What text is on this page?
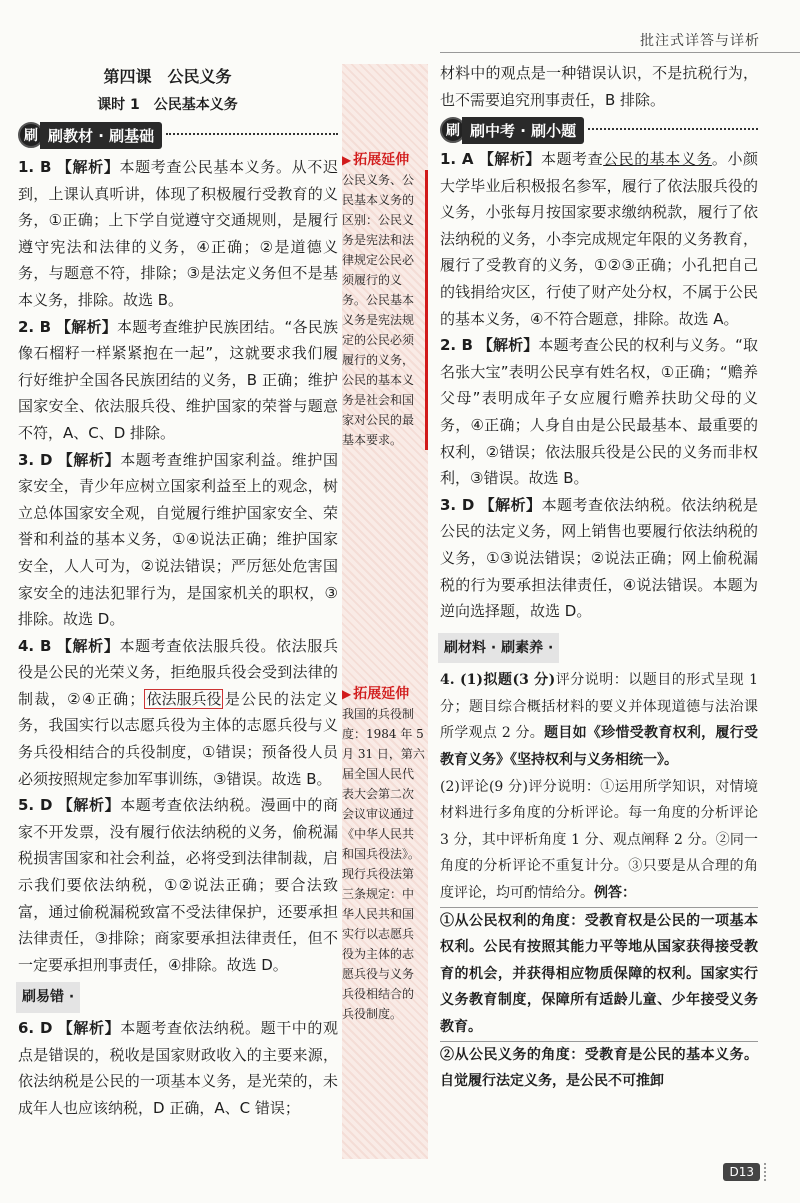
批注式详答与详析
第四课　公民义务
课时 1　公民基本义务
刷 刷教材 · 刷基础

1. B 【解析】本题考查公民基本义务。从不迟到，上课认真听讲，体现了积极履行受教育的义务，①正确；上下学自觉遵守交通规则，是履行遵守宪法和法律的义务，④正确；②是道德义务，与题意不符，排除；③是法定义务但不是基本义务，排除。故选 B。

2. B 【解析】本题考查维护民族团结。“各民族像石榴籽一样紧紧抱在一起”，这就要求我们履行好维护全国各民族团结的义务，B 正确；维护国家安全、依法服兵役、维护国家的荣誉与题意不符，A、C、D 排除。

3. D 【解析】本题考查维护国家利益。维护国家安全，青少年应树立国家利益至上的观念，树立总体国家安全观，自觉履行维护国家安全、荣誉和利益的基本义务，①④说法正确；维护国家安全，人人可为，②说法错误；严厉惩处危害国家安全的违法犯罪行为，是国家机关的职权，③排除。故选 D。

4. B 【解析】本题考查依法服兵役。依法服兵役是公民的光荣义务，拒绝服兵役会受到法律的制裁，②④正确； 依法服兵役 是公民的法定义务，我国实行以志愿兵役为主体的志愿兵役与义务兵役相结合的兵役制度，①错误；预备役人员必须按照规定参加军事训练，③错误。故选 B。

5. D 【解析】本题考查依法纳税。漫画中的商家不开发票，没有履行依法纳税的义务，偷税漏税损害国家和社会利益，必将受到法律制裁，启示我们要依法纳税，①②说法正确；要合法致富，通过偷税漏税致富不受法律保护，还要承担法律责任，③排除；商家要承担法律责任，但不一定要承担刑事责任，④排除。故选 D。

刷易错 ·

6. D 【解析】本题考查依法纳税。题干中的观点是错误的，税收是国家财政收入的主要来源，依法纳税是公民的一项基本义务，是光荣的，未成年人也应该纳税，D 正确，A、C 错误；

▶ 拓展延伸
公民义务、公民基本义务的区别：公民义务是宪法和法律规定公民必须履行的义务。公民基本义务是宪法规定的公民必须履行的义务，公民的基本义务是社会和国家对公民的最基本要求。
▶ 拓展延伸
我国的兵役制度：1984 年 5 月 31 日，第六届全国人民代表大会第二次会议审议通过《中华人民共和国兵役法》。现行兵役法第三条规定：中华人民共和国实行以志愿兵役为主体的志愿兵役与义务兵役相结合的兵役制度。
材料中的观点是一种错误认识，不是抗税行为，也不需要追究刑事责任，B 排除。
刷 刷中考 · 刷小题

1. A 【解析】本题考查公民的基本义务。小颜大学毕业后积极报名参军，履行了依法服兵役的义务，小张每月按国家要求缴纳税款，履行了依法纳税的义务，小李完成规定年限的义务教育，履行了受教育的义务，①②③正确；小孔把自己的钱捐给灾区，行使了财产处分权，不属于公民的基本义务，④不符合题意，排除。故选 A。

2. B 【解析】本题考查公民的权利与义务。“取名张大宝”表明公民享有姓名权，①正确；“赡养父母”表明成年子女应履行赡养扶助父母的义务，④正确；人身自由是公民最基本、最重要的权利，②错误；依法服兵役是公民的义务而非权利，③错误。故选 B。

3. D 【解析】本题考查依法纳税。依法纳税是公民的法定义务，网上销售也要履行依法纳税的义务，①③说法错误；②说法正确；网上偷税漏税的行为要承担法律责任，④说法错误。本题为逆向选择题，故选 D。

刷材料 · 刷素养 ·

4. (1)拟题(3 分)评分说明：以题目的形式呈现 1 分；题目综合概括材料的要义并体现道德与法治课所学观点 2 分。题目如《珍惜受教育权利，履行受教育义务》《坚持权利与义务相统一》。

(2)评论(9 分)评分说明：①运用所学知识，对情境材料进行多角度的分析评论。每一角度的分析评论 3 分，其中评析角度 1 分、观点阐释 2 分。②同一角度的分析评论不重复计分。③只要是从合理的角度评论，均可酌情给分。例答：

①从公民权利的角度：受教育权是公民的一项基本权利。公民有按照其能力平等地从国家获得接受教育的机会，并获得相应物质保障的权利。国家实行义务教育制度，保障所有适龄儿童、少年接受义务教育。

②从公民义务的角度：受教育是公民的基本义务。自觉履行法定义务，是公民不可推卸

D13
